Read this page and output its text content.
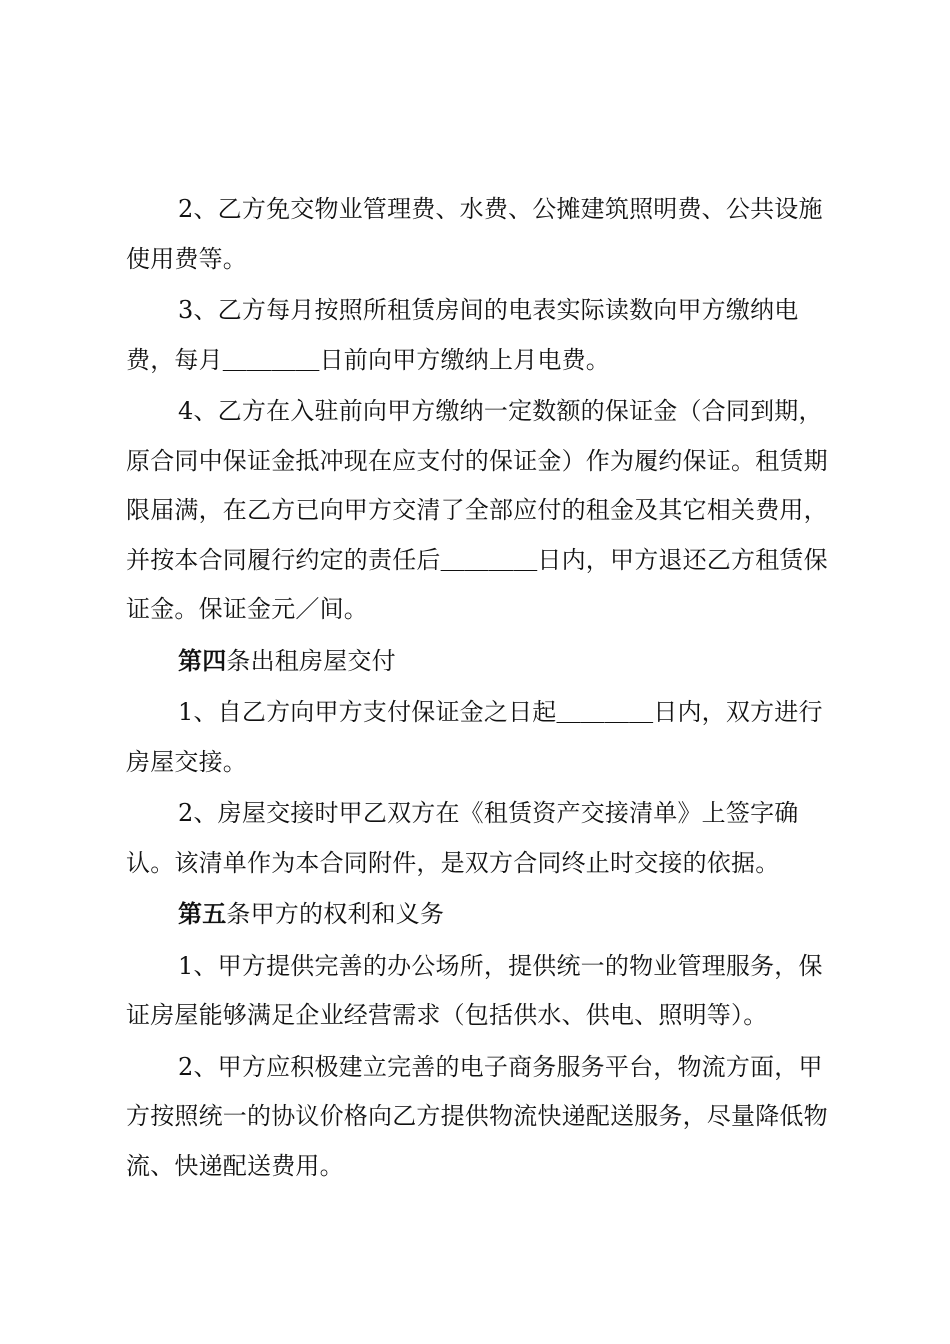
2、乙方免交物业管理费、水费、公摊建筑照明费、公共设施使用费等。

3、乙方每月按照所租赁房间的电表实际读数向甲方缴纳电费，每月＿＿＿＿日前向甲方缴纳上月电费。

4、乙方在入驻前向甲方缴纳一定数额的保证金（合同到期，原合同中保证金抵冲现在应支付的保证金）作为履约保证。租赁期限届满，在乙方已向甲方交清了全部应付的租金及其它相关费用，并按本合同履行约定的责任后＿＿＿＿日内，甲方退还乙方租赁保证金。保证金元／间。

第四条出租房屋交付

1、自乙方向甲方支付保证金之日起＿＿＿＿日内，双方进行房屋交接。

2、房屋交接时甲乙双方在《租赁资产交接清单》上签字确认。该清单作为本合同附件，是双方合同终止时交接的依据。

第五条甲方的权利和义务

1、甲方提供完善的办公场所，提供统一的物业管理服务，保证房屋能够满足企业经营需求（包括供水、供电、照明等）。

2、甲方应积极建立完善的电子商务服务平台，物流方面，甲方按照统一的协议价格向乙方提供物流快递配送服务，尽量降低物流、快递配送费用。
